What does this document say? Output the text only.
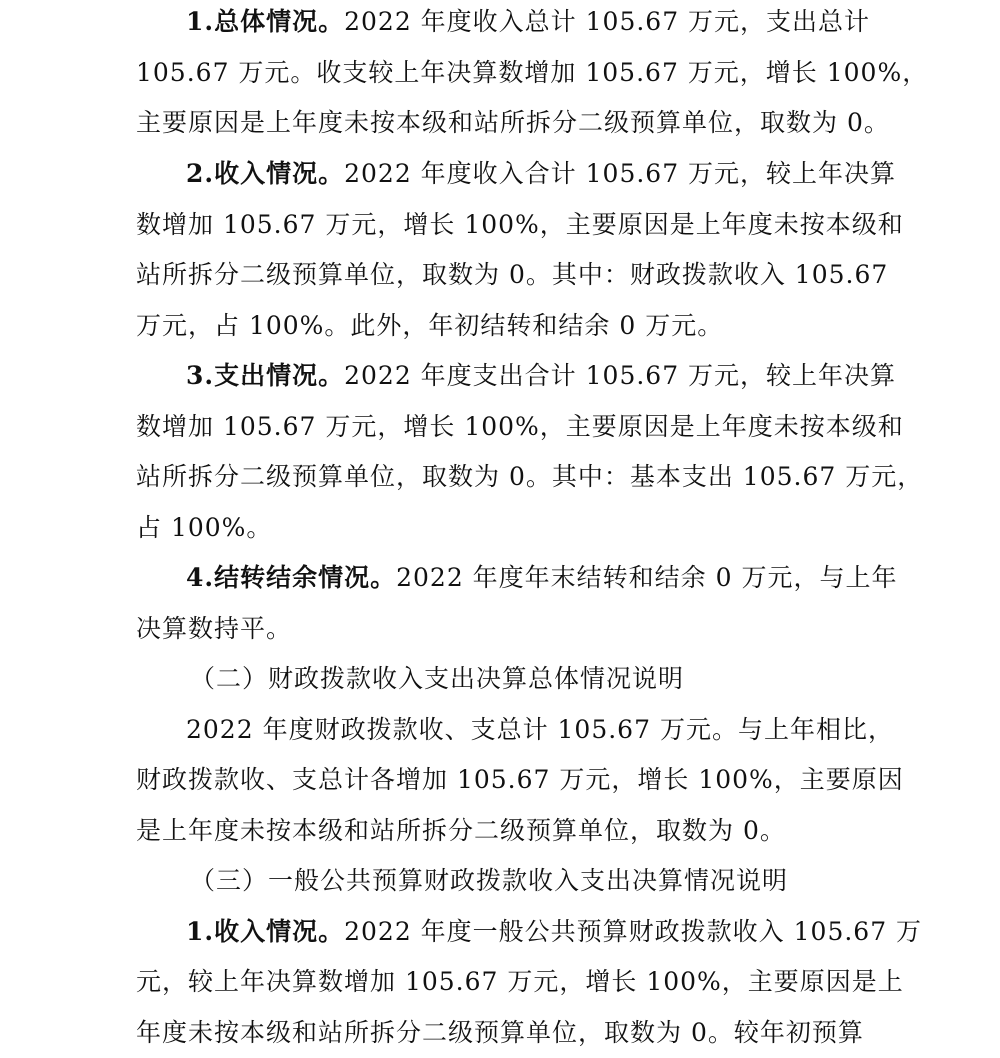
1.总体情况。2022 年度收入总计 105.67 万元，支出总计
105.67 万元。收支较上年决算数增加 105.67 万元，增长 100%，
主要原因是上年度未按本级和站所拆分二级预算单位，取数为 0。
2.收入情况。2022 年度收入合计 105.67 万元，较上年决算
数增加 105.67 万元，增长 100%，主要原因是上年度未按本级和
站所拆分二级预算单位，取数为 0。其中：财政拨款收入 105.67
万元，占 100%。此外，年初结转和结余 0 万元。
3.支出情况。2022 年度支出合计 105.67 万元，较上年决算
数增加 105.67 万元，增长 100%，主要原因是上年度未按本级和
站所拆分二级预算单位，取数为 0。其中：基本支出 105.67 万元，
占 100%。
4.结转结余情况。2022 年度年末结转和结余 0 万元，与上年
决算数持平。
（二）财政拨款收入支出决算总体情况说明
2022 年度财政拨款收、支总计 105.67 万元。与上年相比，
财政拨款收、支总计各增加 105.67 万元，增长 100%，主要原因
是上年度未按本级和站所拆分二级预算单位，取数为 0。
（三）一般公共预算财政拨款收入支出决算情况说明
1.收入情况。2022 年度一般公共预算财政拨款收入 105.67 万
元，较上年决算数增加 105.67 万元，增长 100%，主要原因是上
年度未按本级和站所拆分二级预算单位，取数为 0。较年初预算
